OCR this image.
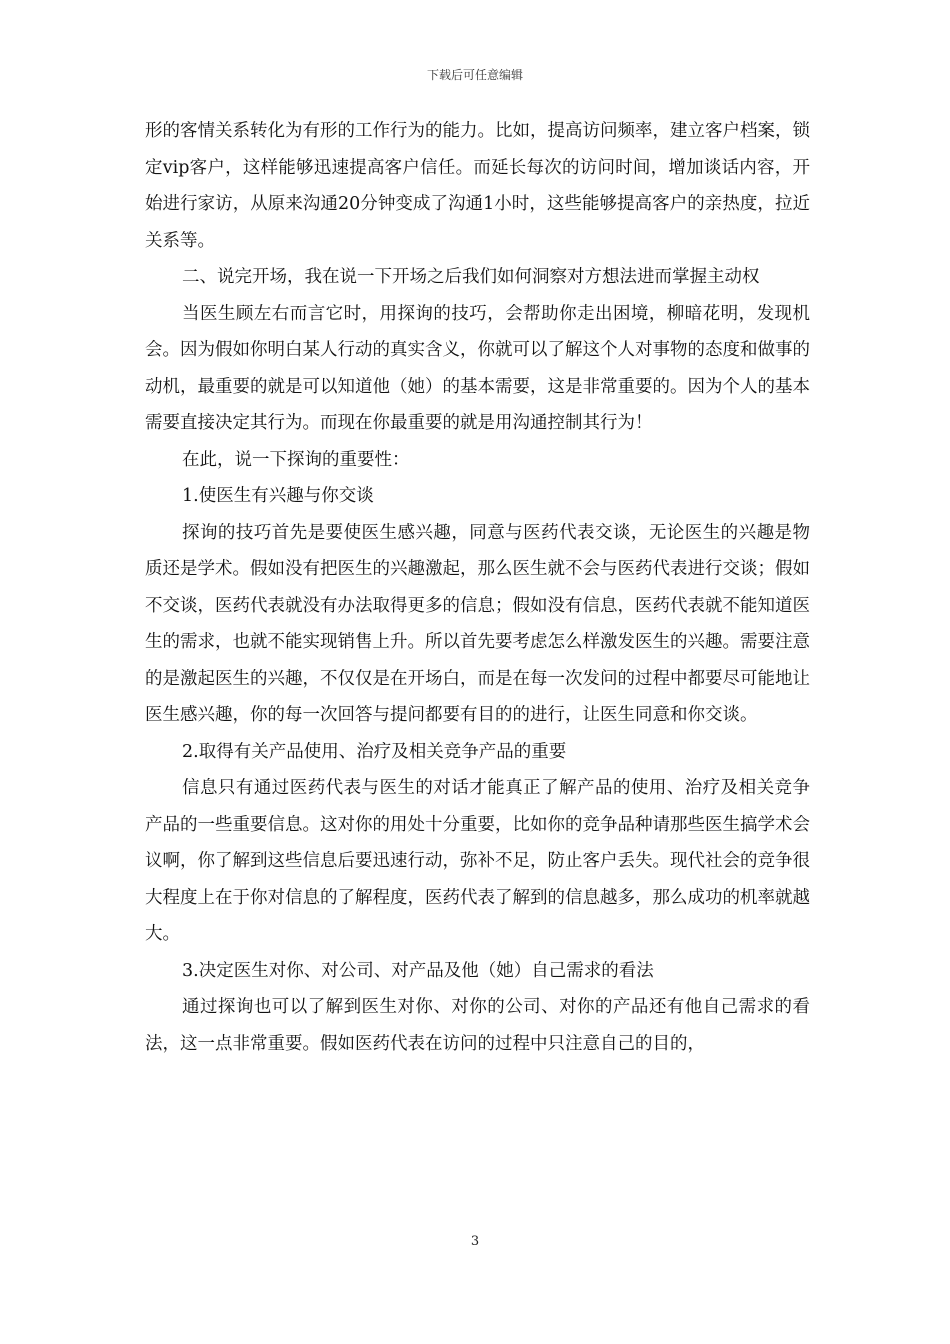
下载后可任意编辑

形的客情关系转化为有形的工作行为的能力。比如，提高访问频率，建立客户档案，锁定vip客户，这样能够迅速提高客户信任。而延长每次的访问时间，增加谈话内容，开始进行家访，从原来沟通20分钟变成了沟通1小时，这些能够提高客户的亲热度，拉近关系等。

二、说完开场，我在说一下开场之后我们如何洞察对方想法进而掌握主动权

当医生顾左右而言它时，用探询的技巧，会帮助你走出困境，柳暗花明，发现机会。因为假如你明白某人行动的真实含义，你就可以了解这个人对事物的态度和做事的动机，最重要的就是可以知道他（她）的基本需要，这是非常重要的。因为个人的基本需要直接决定其行为。而现在你最重要的就是用沟通控制其行为！

在此，说一下探询的重要性：

1.使医生有兴趣与你交谈

探询的技巧首先是要使医生感兴趣，同意与医药代表交谈，无论医生的兴趣是物质还是学术。假如没有把医生的兴趣激起，那么医生就不会与医药代表进行交谈；假如不交谈，医药代表就没有办法取得更多的信息；假如没有信息，医药代表就不能知道医生的需求，也就不能实现销售上升。所以首先要考虑怎么样激发医生的兴趣。需要注意的是激起医生的兴趣，不仅仅是在开场白，而是在每一次发问的过程中都要尽可能地让医生感兴趣，你的每一次回答与提问都要有目的的进行，让医生同意和你交谈。

2.取得有关产品使用、治疗及相关竞争产品的重要

信息只有通过医药代表与医生的对话才能真正了解产品的使用、治疗及相关竞争产品的一些重要信息。这对你的用处十分重要，比如你的竞争品种请那些医生搞学术会议啊，你了解到这些信息后要迅速行动，弥补不足，防止客户丢失。现代社会的竞争很大程度上在于你对信息的了解程度，医药代表了解到的信息越多，那么成功的机率就越大。

3.决定医生对你、对公司、对产品及他（她）自己需求的看法

通过探询也可以了解到医生对你、对你的公司、对你的产品还有他自己需求的看法，这一点非常重要。假如医药代表在访问的过程中只注意自己的目的，

3
